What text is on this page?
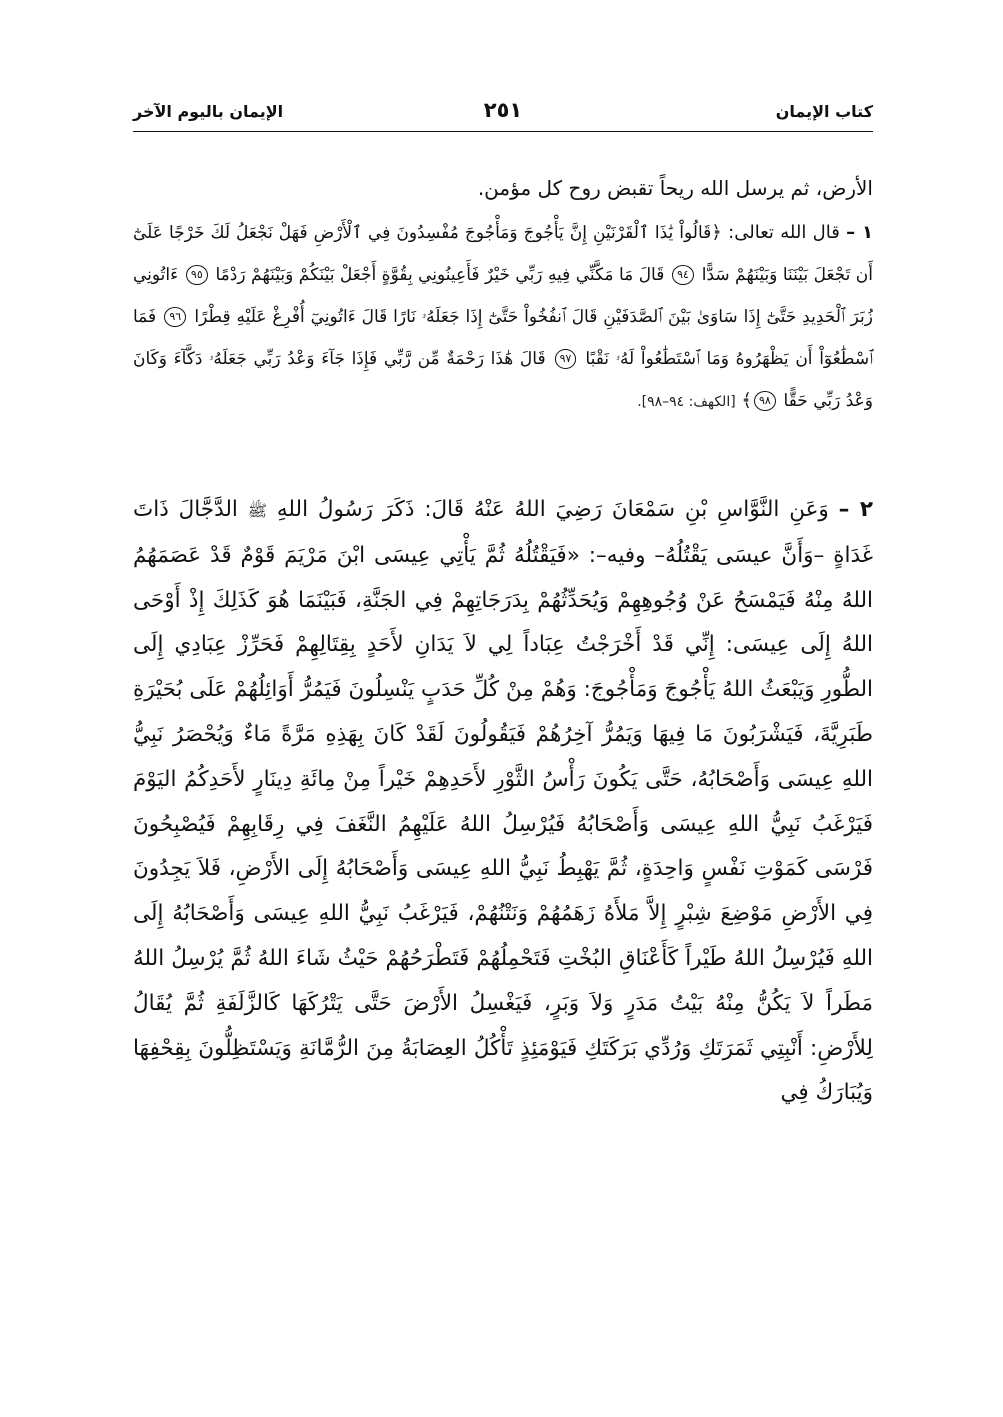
كتاب الإيمان
٢٥١
الإيمان باليوم الآخر
الأرض، ثم يرسل الله ريحاً تقبض روح كل مؤمن.
١ – قال الله تعالى: ﴿قَالُواْ يَٰذَا ٱلْقَرْنَيْنِ إِنَّ يَأْجُوجَ وَمَأْجُوجَ مُفْسِدُونَ فِي ٱلْأَرْضِ فَهَلْ نَجْعَلُ لَكَ خَرْجًا عَلَىٰٓ أَن تَجْعَلَ بَيْنَنَا وَبَيْنَهُمْ سَدًّا ٩٤ قَالَ مَا مَكَّنِّي فِيهِ رَبِّي خَيْرٌ فَأَعِينُونِي بِقُوَّةٍ أَجْعَلْ بَيْنَكُمْ وَبَيْنَهُمْ رَدْمًا ٩٥ ءَاتُونِي زُبَرَ ٱلْحَدِيدِ حَتَّىٰٓ إِذَا سَاوَىٰ بَيْنَ ٱلصَّدَفَيْنِ قَالَ ٱنفُخُواْ حَتَّىٰٓ إِذَا جَعَلَهُۥ نَارًا قَالَ ءَاتُونِيٓ أُفْرِغْ عَلَيْهِ قِطْرًا ٩٦ فَمَا ٱسْطَٰعُوٓاْ أَن يَظْهَرُوهُ وَمَا ٱسْتَطَٰعُواْ لَهُۥ نَقْبًا ٩٧ قَالَ هَٰذَا رَحْمَةٌ مِّن رَّبِّي فَإِذَا جَآءَ وَعْدُ رَبِّي جَعَلَهُۥ دَكَّآءَ وَكَانَ وَعْدُ رَبِّي حَقًّا ٩٨﴾ [الكهف: ٩٤–٩٨].
٢ – وَعَنِ النَّوَّاسِ بْنِ سَمْعَانَ رَضِيَ اللهُ عَنْهُ قَالَ: ذَكَرَ رَسُولُ اللهِ ﷺ الدَّجَّالَ ذَاتَ غَدَاةٍ –وَأَنَّ عيسَى يَقْتُلُهُ– وفيه–: «فَيَقْتُلُهُ ثُمَّ يَأْتِي عِيسَى ابْنَ مَرْيَمَ قَوْمٌ قَدْ عَصَمَهُمُ اللهُ مِنْهُ فَيَمْسَحُ عَنْ وُجُوهِهِمْ وَيُحَدِّثُهُمْ بِدَرَجَاتِهِمْ فِي الجَنَّةِ، فَبَيْنَمَا هُوَ كَذَلِكَ إِذْ أَوْحَى اللهُ إِلَى عِيسَى: إِنِّي قَدْ أَخْرَجْتُ عِبَاداً لِي لاَ يَدَانِ لأَحَدٍ بِقِتَالِهِمْ فَحَرِّزْ عِبَادِي إِلَى الطُّورِ وَيَبْعَثُ اللهُ يَأْجُوجَ وَمَأْجُوجَ: وَهُمْ مِنْ كُلِّ حَدَبٍ يَنْسِلُونَ فَيَمُرُّ أَوَائِلُهُمْ عَلَى بُحَيْرَةِ طَبَرِيَّةَ، فَيَشْرَبُونَ مَا فِيهَا وَيَمُرُّ آخِرُهُمْ فَيَقُولُونَ لَقَدْ كَانَ بِهَذِهِ مَرَّةً مَاءٌ وَيُحْصَرُ نَبِيُّ اللهِ عِيسَى وَأَصْحَابُهُ، حَتَّى يَكُونَ رَأْسُ الثَّوْرِ لأَحَدِهِمْ خَيْراً مِنْ مِائَةِ دِينَارٍ لأَحَدِكُمُ اليَوْمَ فَيَرْغَبُ نَبِيُّ اللهِ عِيسَى وَأَصْحَابُهُ فَيُرْسِلُ اللهُ عَلَيْهِمُ النَّغَفَ فِي رِقَابِهِمْ فَيُصْبِحُونَ فَرْسَى كَمَوْتِ نَفْسٍ وَاحِدَةٍ، ثُمَّ يَهْبِطُ نَبِيُّ اللهِ عِيسَى وَأَصْحَابُهُ إِلَى الأَرْضِ، فَلاَ يَجِدُونَ فِي الأَرْضِ مَوْضِعَ شِبْرٍ إِلاَّ مَلأَهُ زَهَمُهُمْ وَنَتْنُهُمْ، فَيَرْغَبُ نَبِيُّ اللهِ عِيسَى وَأَصْحَابُهُ إِلَى اللهِ فَيُرْسِلُ اللهُ طَيْراً كَأَعْنَاقِ البُخْتِ فَتَحْمِلُهُمْ فَتَطْرَحُهُمْ حَيْثُ شَاءَ اللهُ ثُمَّ يُرْسِلُ اللهُ مَطَراً لاَ يَكُنُّ مِنْهُ بَيْتُ مَدَرٍ وَلاَ وَبَرٍ، فَيَغْسِلُ الأَرْضَ حَتَّى يَتْرُكَهَا كَالزَّلَفَةِ ثُمَّ يُقَالُ لِلأَرْضِ: أَنْبِتِي ثَمَرَتَكِ وَرُدِّي بَرَكَتَكِ فَيَوْمَئِذٍ تَأْكُلُ العِصَابَةُ مِنَ الرُّمَّانَةِ وَيَسْتَظِلُّونَ بِقِحْفِهَا وَيُبَارَكُ فِي
